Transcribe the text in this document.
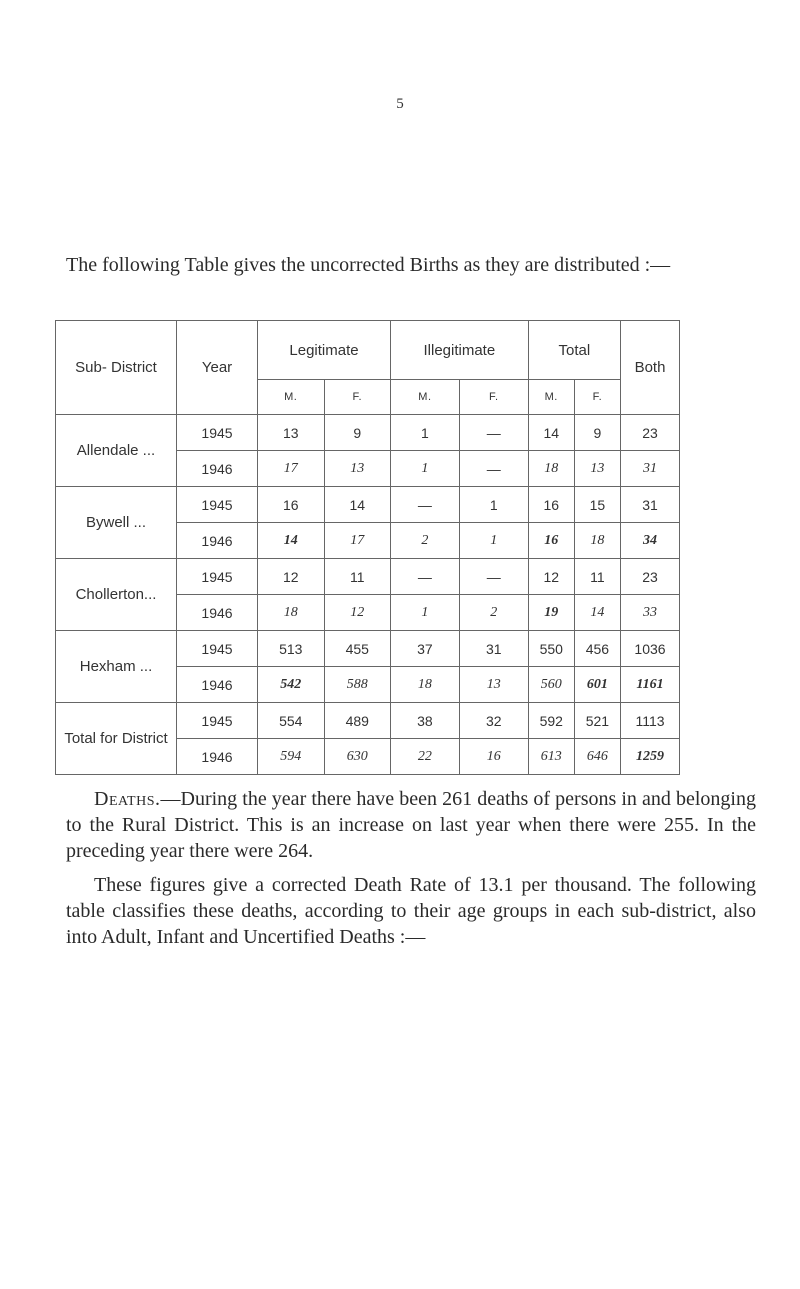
5
The following Table gives the uncorrected Births as they are distributed :—
Sub- District	Year	Legitimate		Illegitimate		Total		Both
		M.	F.	M.	F.	M.	F.	
Allendale ...	1945	13	9	1	—	14	9	23
	1946	17	13	1	—	18	13	31
Bywell ...	1945	16	14	—	1	16	15	31
	1946	14	17	2	1	16	18	34
Chollerton...	1945	12	11	—	—	12	11	23
	1946	18	12	1	2	19	14	33
Hexham ...	1945	513	455	37	31	550	456	1036
	1946	542	588	18	13	560	601	1161
Total for District	1945	554	489	38	32	592	521	1113
	1946	594	630	22	16	613	646	1259

Deaths.—During the year there have been 261 deaths of persons in and belonging to the Rural District. This is an increase on last year when there were 255. In the preceding year there were 264.

These figures give a corrected Death Rate of 13.1 per thousand. The following table classifies these deaths, according to their age groups in each sub-district, also into Adult, Infant and Uncertified Deaths :—
